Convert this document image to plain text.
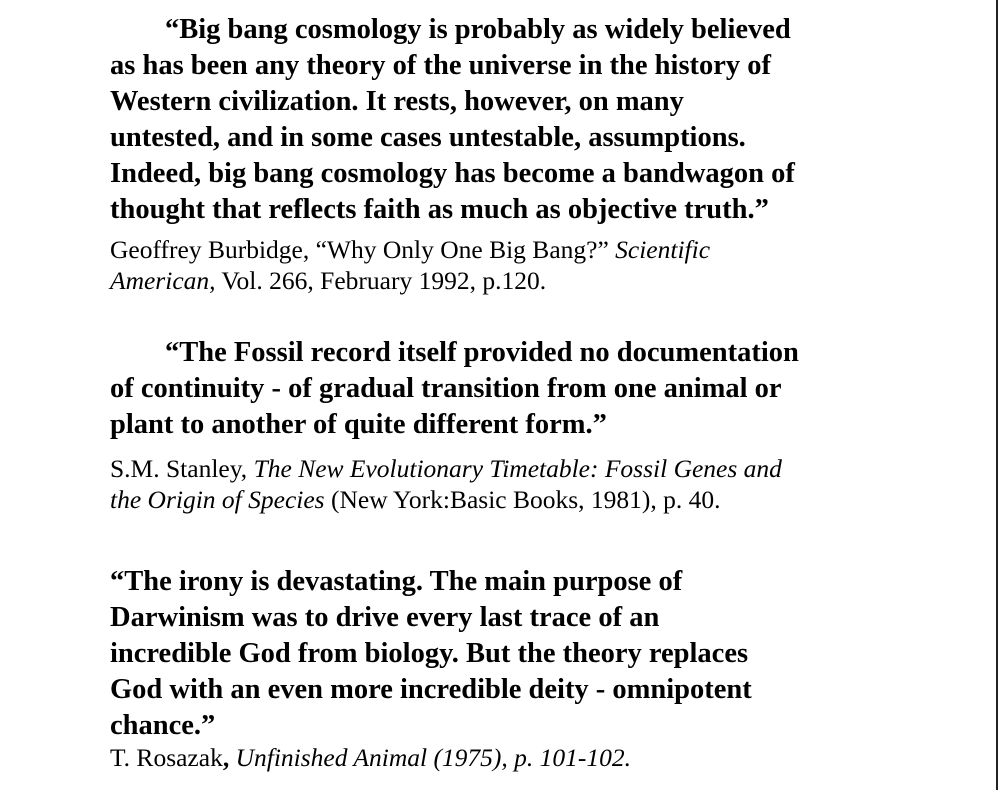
“Big bang cosmology is probably as widely believed
as has been any theory of the universe in the history of
Western civilization. It rests, however, on many
untested, and in some cases untestable, assumptions.
Indeed, big bang cosmology has become a bandwagon of
thought that reflects faith as much as objective truth.”

Geoffrey Burbidge, “Why Only One Big Bang?” Scientific
American, Vol. 266, February 1992, p.120.

“The Fossil record itself provided no documentation
of continuity - of gradual transition from one animal or
plant to another of quite different form.”

S.M. Stanley, The New Evolutionary Timetable: Fossil Genes and
the Origin of Species (New York:Basic Books, 1981), p. 40.

“The irony is devastating. The main purpose of
Darwinism was to drive every last trace of an
incredible God from biology. But the theory replaces
God with an even more incredible deity - omnipotent
chance.”

T. Rosazak, Unfinished Animal (1975), p. 101-102.
